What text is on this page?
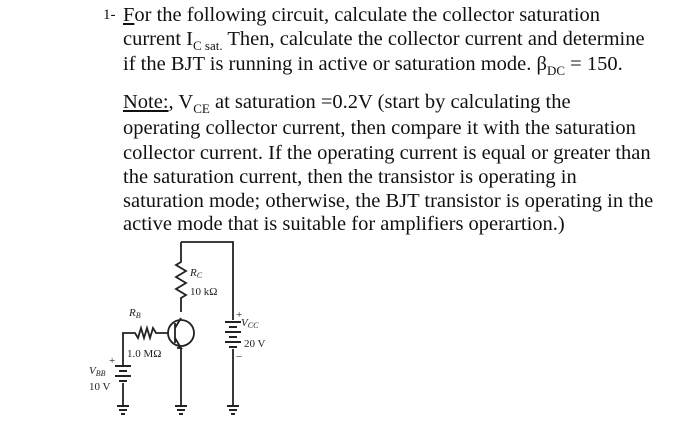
1- For the following circuit, calculate the collector saturation
current $I_{C sat.}$ Then, calculate the collector current and determine
if the BJT is running in active or saturation mode. $\beta_{DC} = 150$.
Note:, $V_{CE}$ at saturation =0.2V (start by calculating the
operating collector current, then compare it with the saturation
collector current. If the operating current is equal or greater than
the saturation current, then the transistor is operating in
saturation mode; otherwise, the BJT transistor is operating in the
active mode that is suitable for amplifiers operartion.)
RC
10 kΩ
RB
1.0 MΩ
VCC
20 V
+
−
VBB
10 V
+
